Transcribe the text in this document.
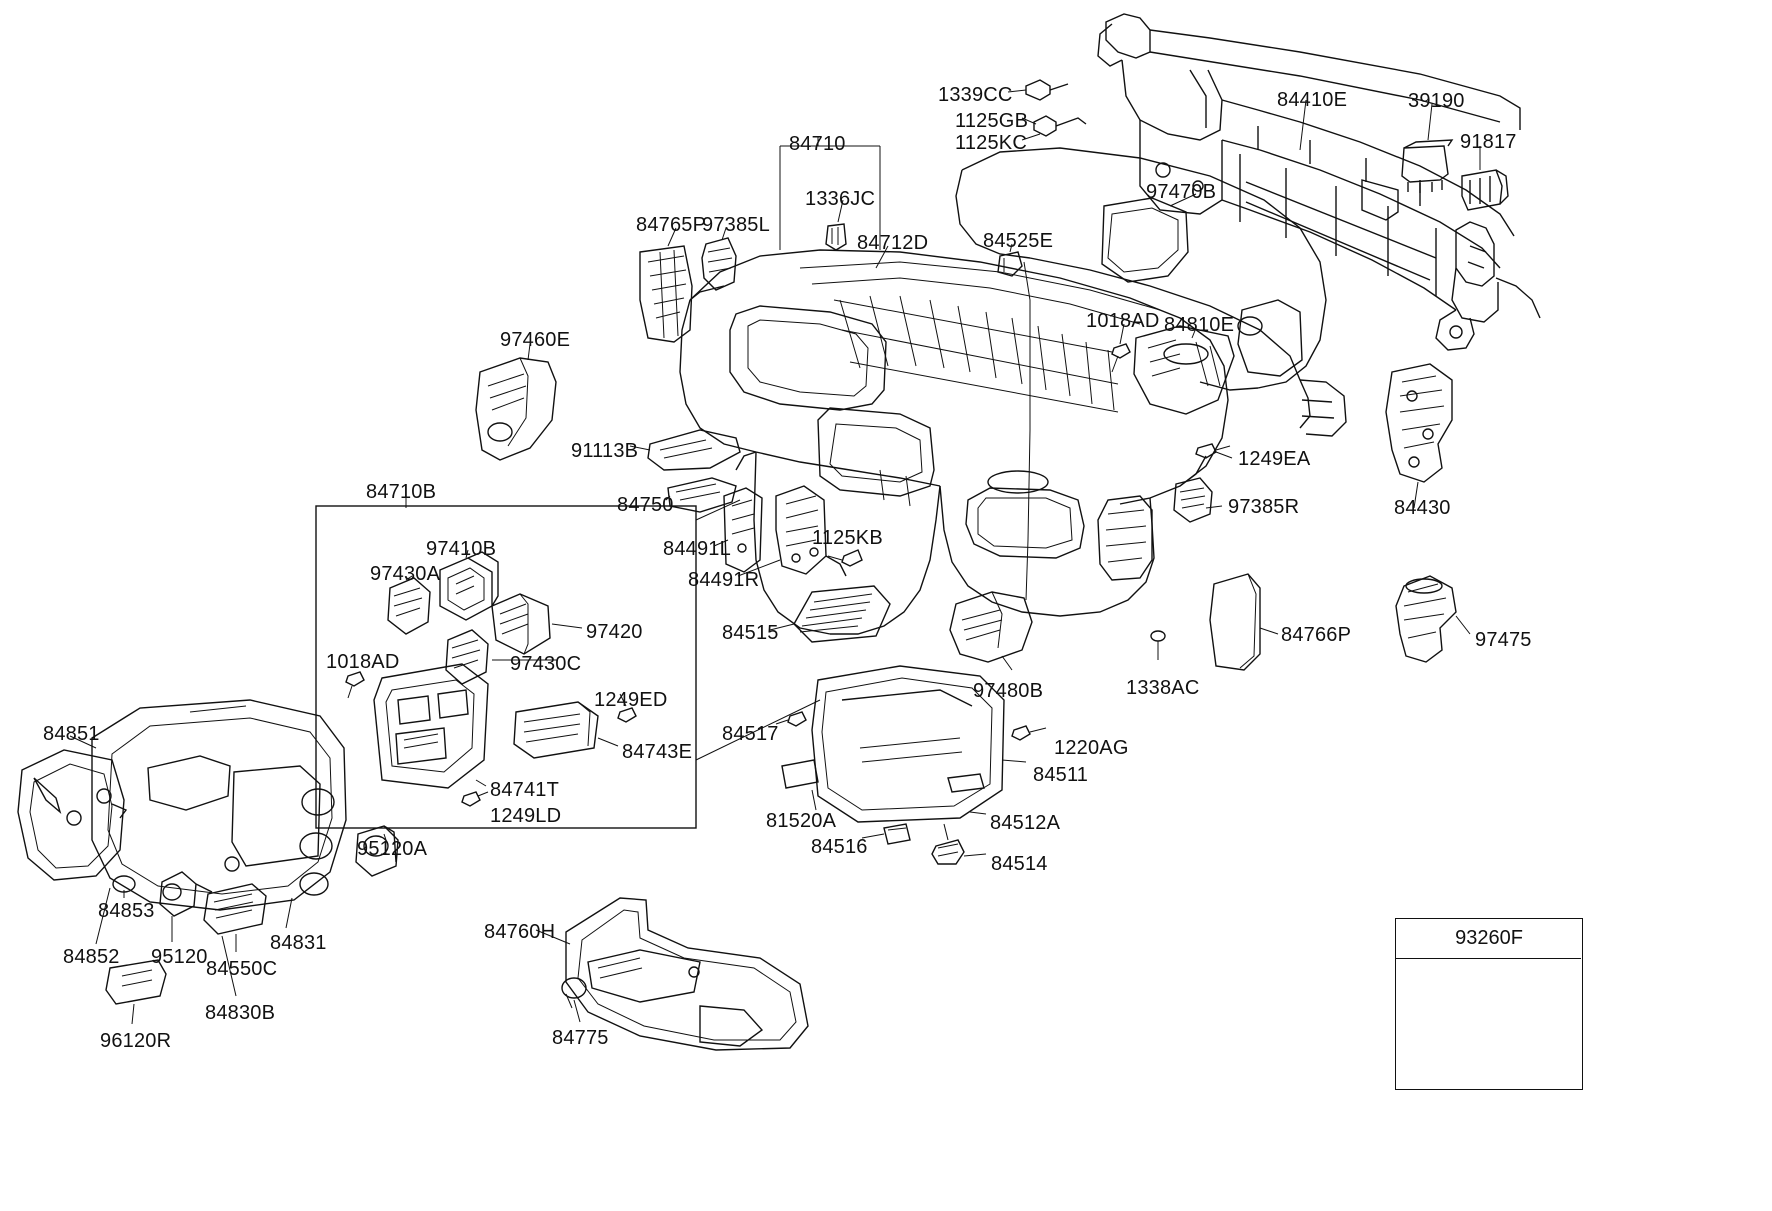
1339CC	84410E	39190
1125GB
91817
1125KC
84710
97470B
1336JC
84765P
97385L
84712D	84525E
1018AD 84810E
97460E
91113B	1249EA
84710B
84750	97385R	84430
97410B	84491L	1125KB
97430A	84491R
84766P	97475
97420	84515
1018AD	97430C
1249ED	97480B	1338AC
84517
84743E	1220AG
84851
84511
84741T
1249LD	81520A	84512A
84516
84514
95120A
84853
84831	84760H
84852 95120
84550C
84830B
96120R	84775
93260F
